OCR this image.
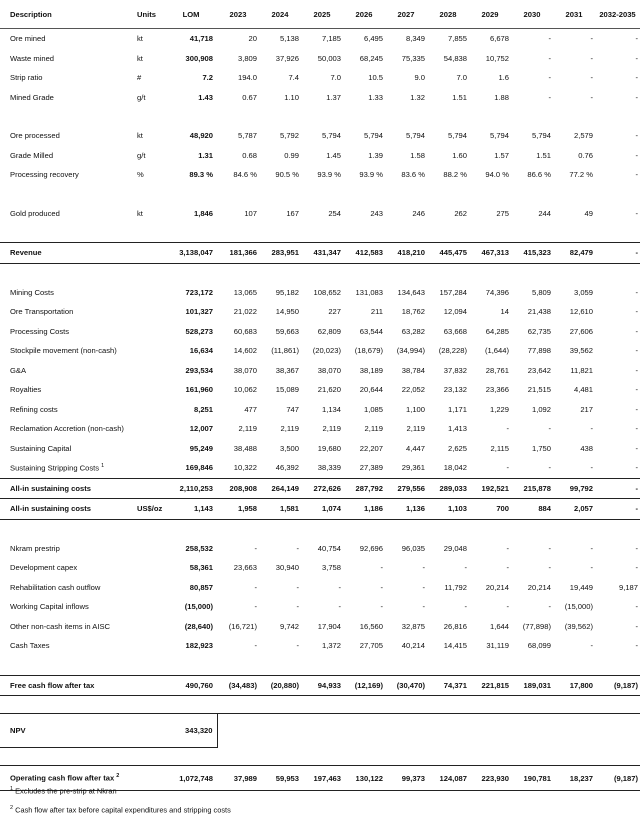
Description	Units	LOM	2023	2024	2025	2026	2027	2028	2029	2030	2031	2032-2035
Ore mined	kt	41,718	20	5,138	7,185	6,495	8,349	7,855	6,678	-	-	-
Waste mined	kt	300,908	3,809	37,926	50,003	68,245	75,335	54,838	10,752	-	-	-
Strip ratio	#	7.2	194.0	7.4	7.0	10.5	9.0	7.0	1.6	-	-	-
Mined Grade	g/t	1.43	0.67	1.10	1.37	1.33	1.32	1.51	1.88	-	-	-

Ore processed	kt	48,920	5,787	5,792	5,794	5,794	5,794	5,794	5,794	5,794	2,579	-
Grade Milled	g/t	1.31	0.68	0.99	1.45	1.39	1.58	1.60	1.57	1.51	0.76	-
Processing recovery	%	89.3 %	84.6 %	90.5 %	93.9 %	93.9 %	83.6 %	88.2 %	94.0 %	86.6 %	77.2 %	-

Gold produced	kt	1,846	107	167	254	243	246	262	275	244	49	-

Revenue		3,138,047	181,366	283,951	431,347	412,583	418,210	445,475	467,313	415,323	82,479	-

Mining Costs		723,172	13,065	95,182	108,652	131,083	134,643	157,284	74,396	5,809	3,059	-
Ore Transportation		101,327	21,022	14,950	227	211	18,762	12,094	14	21,438	12,610	-
Processing Costs		528,273	60,683	59,663	62,809	63,544	63,282	63,668	64,285	62,735	27,606	-
Stockpile movement (non-cash)		16,634	14,602	(11,861)	(20,023)	(18,679)	(34,994)	(28,228)	(1,644)	77,898	39,562	-
G&A		293,534	38,070	38,367	38,070	38,189	38,784	37,832	28,761	23,642	11,821	-
Royalties		161,960	10,062	15,089	21,620	20,644	22,052	23,132	23,366	21,515	4,481	-
Refining costs		8,251	477	747	1,134	1,085	1,100	1,171	1,229	1,092	217	-
Reclamation Accretion (non-cash)		12,007	2,119	2,119	2,119	2,119	2,119	1,413	-	-	-	-
Sustaining Capital		95,249	38,488	3,500	19,680	22,207	4,447	2,625	2,115	1,750	438	-
Sustaining Stripping Costs $^1$		169,846	10,322	46,392	38,339	27,389	29,361	18,042	-	-	-	-
All-in sustaining costs		2,110,253	208,908	264,149	272,626	287,792	279,556	289,033	192,521	215,878	99,792	-
All-in sustaining costs	US$/oz	1,143	1,958	1,581	1,074	1,186	1,136	1,103	700	884	2,057	-

Nkram prestrip		258,532	-	-	40,754	92,696	96,035	29,048	-	-	-	-
Development capex		58,361	23,663	30,940	3,758	-	-	-	-	-	-	-
Rehabilitation cash outflow		80,857	-	-	-	-	-	11,792	20,214	20,214	19,449	9,187
Working Capital inflows		(15,000)	-	-	-	-	-	-	-	-	(15,000)	-
Other non-cash items in AISC		(28,640)	(16,721)	9,742	17,904	16,560	32,875	26,816	1,644	(77,898)	(39,562)	-
Cash Taxes		182,923	-	-	1,372	27,705	40,214	14,415	31,119	68,099	-	-

Free cash flow after tax		490,760	(34,483)	(20,880)	94,933	(12,169)	(30,470)	74,371	221,815	189,031	17,800	(9,187)

NPV		343,320										

Operating cash flow after tax $^2$		1,072,748	37,989	59,953	197,463	130,122	99,373	124,087	223,930	190,781	18,237	(9,187)
$^1$ Excludes the pre-strip at Nkran
$^2$ Cash flow after tax before capital expenditures and stripping costs
